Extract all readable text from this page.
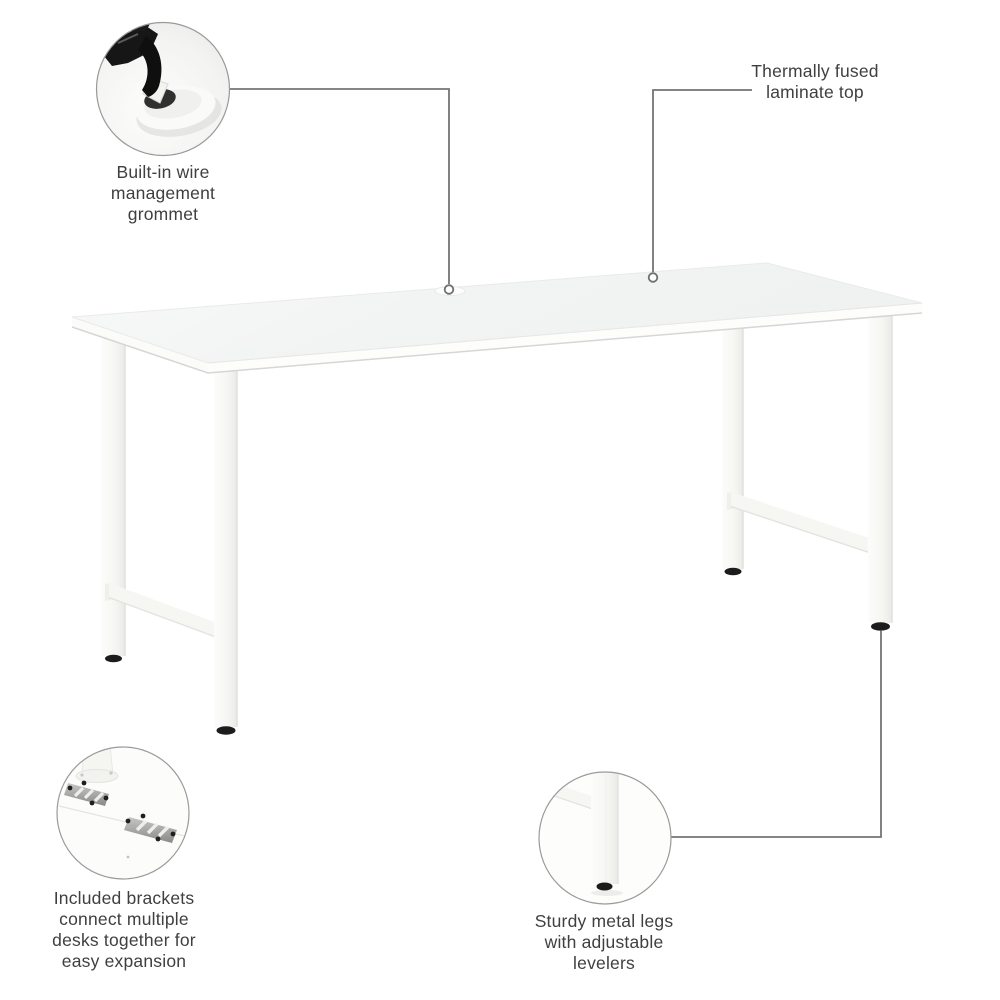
Built-in wire
management
grommet
Thermally fused
laminate top
Included brackets
connect multiple
desks together for
easy expansion
Sturdy metal legs
with adjustable
levelers
